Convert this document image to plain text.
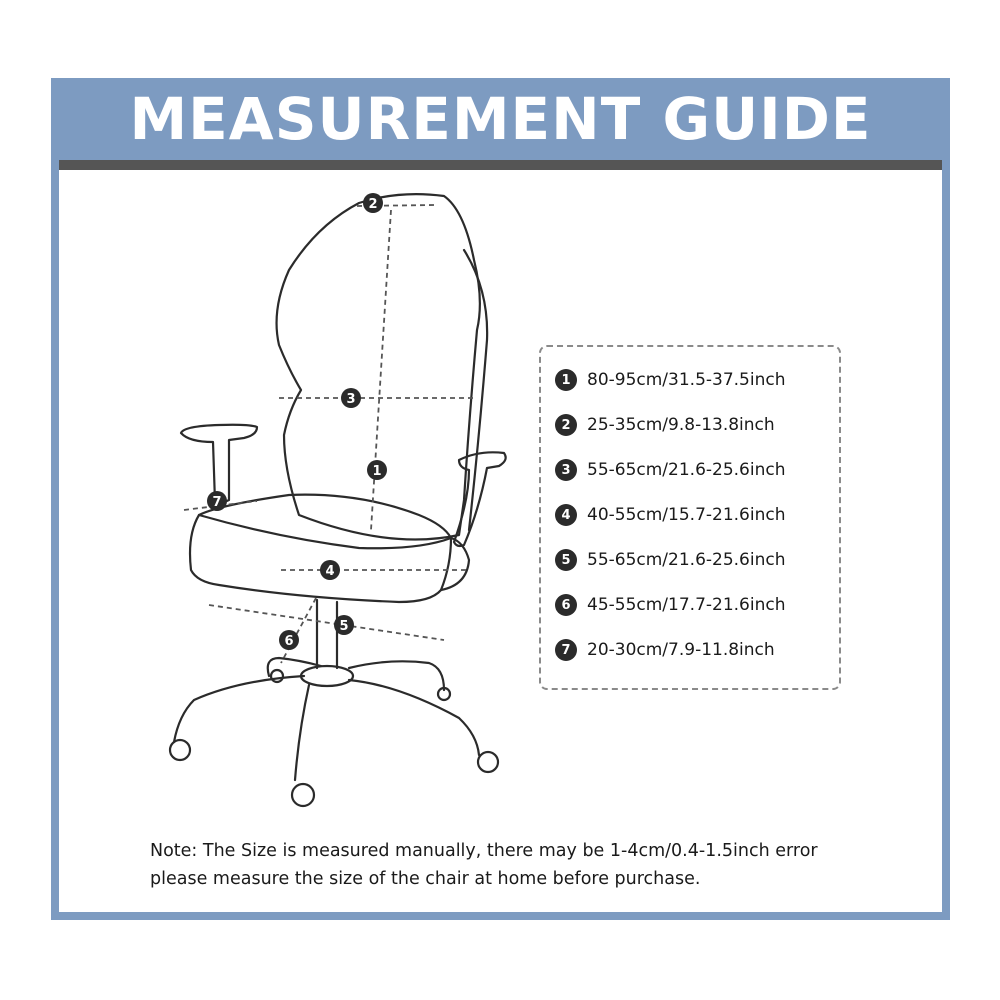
MEASUREMENT GUIDE
1
2
3
4
5
6
7
1 80-95cm/31.5-37.5inch
2 25-35cm/9.8-13.8inch
3 55-65cm/21.6-25.6inch
4 40-55cm/15.7-21.6inch
5 55-65cm/21.6-25.6inch
6 45-55cm/17.7-21.6inch
7 20-30cm/7.9-11.8inch
Note: The Size is measured manually, there may be 1-4cm/0.4-1.5inch error
please measure the size of the chair at home before purchase.
